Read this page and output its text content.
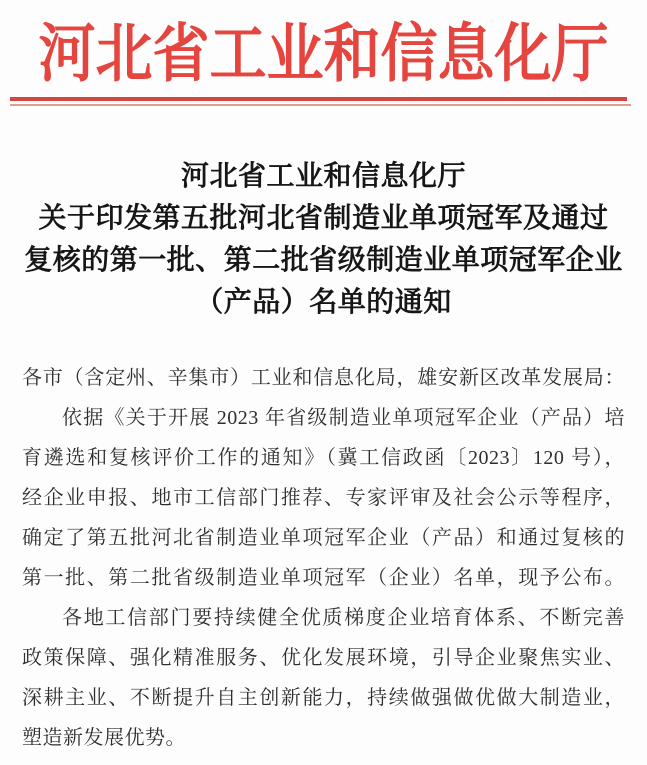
河北省工业和信息化厅
河北省工业和信息化厅
关于印发第五批河北省制造业单项冠军及通过
复核的第一批、第二批省级制造业单项冠军企业
（产品）名单的通知
各市（含定州、辛集市）工业和信息化局，雄安新区改革发展局：
依据《关于开展 2023 年省级制造业单项冠军企业（产品）培
育遴选和复核评价工作的通知》（冀工信政函〔2023〕120 号），
经企业申报、地市工信部门推荐、专家评审及社会公示等程序，
确定了第五批河北省制造业单项冠军企业（产品）和通过复核的
第一批、第二批省级制造业单项冠军（企业）名单，现予公布。
各地工信部门要持续健全优质梯度企业培育体系、不断完善
政策保障、强化精准服务、优化发展环境，引导企业聚焦实业、
深耕主业、不断提升自主创新能力，持续做强做优做大制造业，
塑造新发展优势。
